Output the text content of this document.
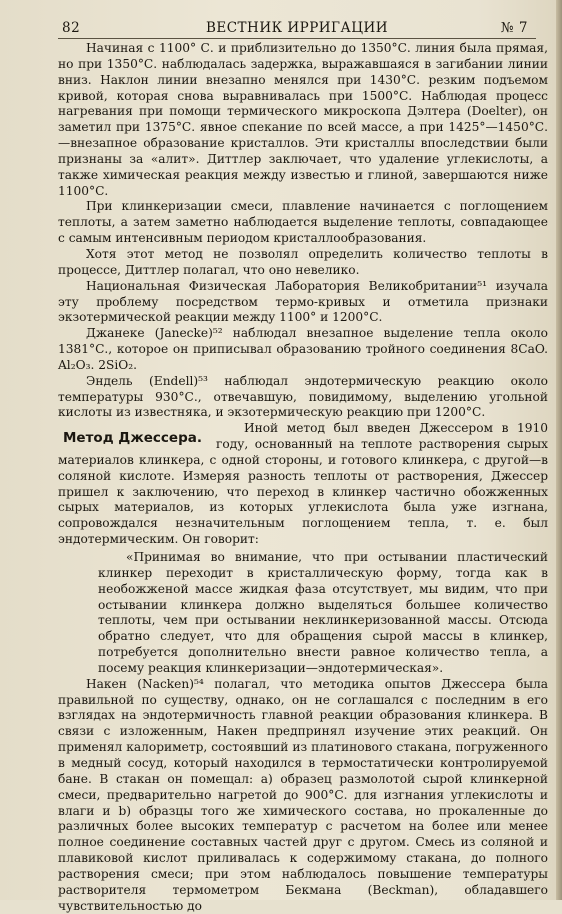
82	ВЕСТНИК ИРРИГАЦИИ	№ 7

Начиная с 1100° С. и приблизительно до 1350°С. линия была прямая, но при 1350°С. наблюдалась задержка, выражавшаяся в загибании линии вниз. Наклон линии внезапно менялся при 1430°С. резким подъемом кривой, которая снова выравнивалась при 1500°С. Наблюдая процесс нагревания при помощи термического микроскопа Дэлтера (Doelter), он заметил при 1375°С. явное спекание по всей массе, а при 1425°—1450°С.—внезапное образование кристаллов. Эти кристаллы впоследствии были признаны за «алит». Диттлер заключает, что удаление углекислоты, а также химическая реакция между известью и глиной, завершаются ниже 1100°С.

При клинкеризации смеси, плавление начинается с поглощением теплоты, а затем заметно наблюдается выделение теплоты, совпадающее с самым интенсивным периодом кристаллообразования.

Хотя этот метод не позволял определить количество теплоты в процессе, Диттлер полагал, что оно невелико.

Национальная Физическая Лаборатория Великобритании⁵¹ изучала эту проблему посредством термо-кривых и отметила признаки экзотермической реакции между 1100° и 1200°С.

Джанеке (Janecke)⁵² наблюдал внезапное выделение тепла около 1381°С., которое он приписывал образованию тройного соединения 8CaO. Al₂O₃. 2SiO₂.

Эндель (Endell)⁵³ наблюдал эндотермическую реакцию около температуры 930°С., отвечавшую, повидимому, выделению угольной кислоты из известняка, и экзотермическую реакцию при 1200°С.

Метод Джессера.

Иной метод был введен Джессером в 1910 году, основанный на теплоте растворения сырых материалов клинкера, с одной стороны, и готового клинкера, с другой—в соляной кислоте. Измеряя разность теплоты от растворения, Джессер пришел к заключению, что переход в клинкер частично обожженных сырых материалов, из которых углекислота была уже изгнана, сопровождался незначительным поглощением тепла, т. е. был эндотермическим. Он говорит:

«Принимая во внимание, что при остывании пластический клинкер переходит в кристаллическую форму, тогда как в необожженой массе жидкая фаза отсутствует, мы видим, что при остывании клинкера должно выделяться большее количество теплоты, чем при остывании неклинкеризованной массы. Отсюда обратно следует, что для обращения сырой массы в клинкер, потребуется дополнительно внести равное количество тепла, а посему реакция клинкеризации—эндотермическая».

Накен (Nacken)⁵⁴ полагал, что методика опытов Джессера была правильной по существу, однако, он не соглашался с последним в его взглядах на эндотермичность главной реакции образования клинкера. В связи с изложенным, Накен предпринял изучение этих реакций. Он применял калориметр, состоявший из платинового стакана, погруженного в медный сосуд, который находился в термостатически контролируемой бане. В стакан он помещал: а) образец размолотой сырой клинкерной смеси, предварительно нагретой до 900°С. для изгнания углекислоты и влаги и b) образцы того же химического состава, но прокаленные до различных более высоких температур с расчетом на более или менее полное соединение составных частей друг с другом. Смесь из соляной и плавиковой кислот приливалась к содержимому стакана, до полного растворения смеси; при этом наблюдалось повышение температуры растворителя термометром Бекмана (Beckman), обладавшего чувствительностью до
